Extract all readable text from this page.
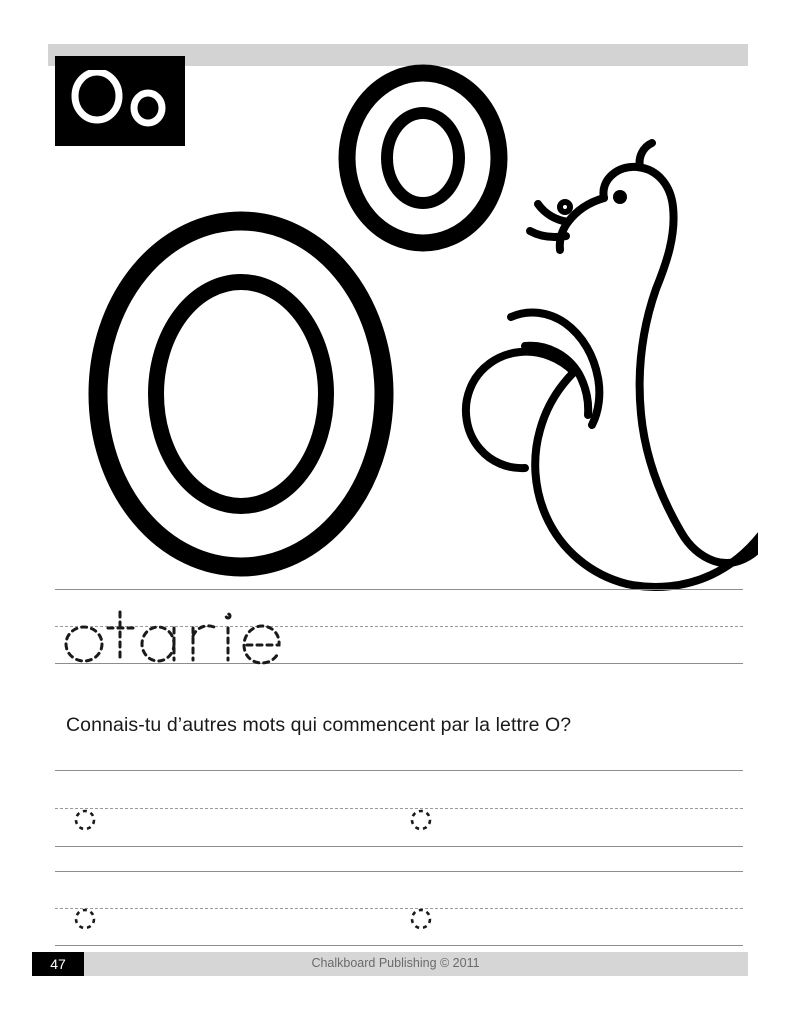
Connais-tu d’autres mots qui commencent par la lettre O?
Chalkboard Publishing © 2011
47
